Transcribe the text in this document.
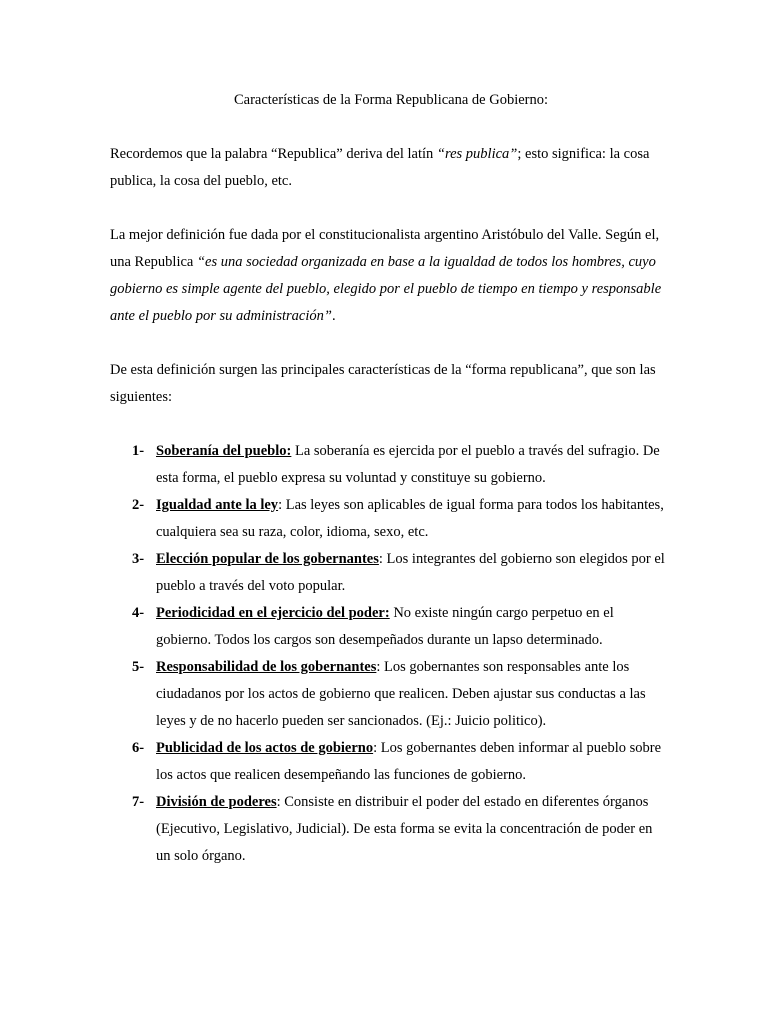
Características de la Forma Republicana de Gobierno:

Recordemos que la palabra “Republica” deriva del latín “res publica”; esto significa: la cosa publica, la cosa del pueblo, etc.

La mejor definición fue dada por el constitucionalista argentino Aristóbulo del Valle. Según el, una Republica “es una sociedad organizada en base a la igualdad de todos los hombres, cuyo gobierno es simple agente del pueblo, elegido por el pueblo de tiempo en tiempo y responsable ante el pueblo por su administración”.

De esta definición surgen las principales características de la “forma republicana”, que son las siguientes:

1- Soberanía del pueblo: La soberanía es ejercida por el pueblo a través del sufragio. De esta forma, el pueblo expresa su voluntad y constituye su gobierno.
2- Igualdad ante la ley: Las leyes son aplicables de igual forma para todos los habitantes, cualquiera sea su raza, color, idioma, sexo, etc.
3- Elección popular de los gobernantes: Los integrantes del gobierno son elegidos por el pueblo a través del voto popular.
4- Periodicidad en el ejercicio del poder: No existe ningún cargo perpetuo en el gobierno. Todos los cargos son desempeñados durante un lapso determinado.
5- Responsabilidad de los gobernantes: Los gobernantes son responsables ante los ciudadanos por los actos de gobierno que realicen. Deben ajustar sus conductas a las leyes y de no hacerlo pueden ser sancionados. (Ej.: Juicio politico).
6- Publicidad de los actos de gobierno: Los gobernantes deben informar al pueblo sobre los actos que realicen desempeñando las funciones de gobierno.
7- División de poderes: Consiste en distribuir el poder del estado en diferentes órganos (Ejecutivo, Legislativo, Judicial). De esta forma se evita la concentración de poder en un solo órgano.
